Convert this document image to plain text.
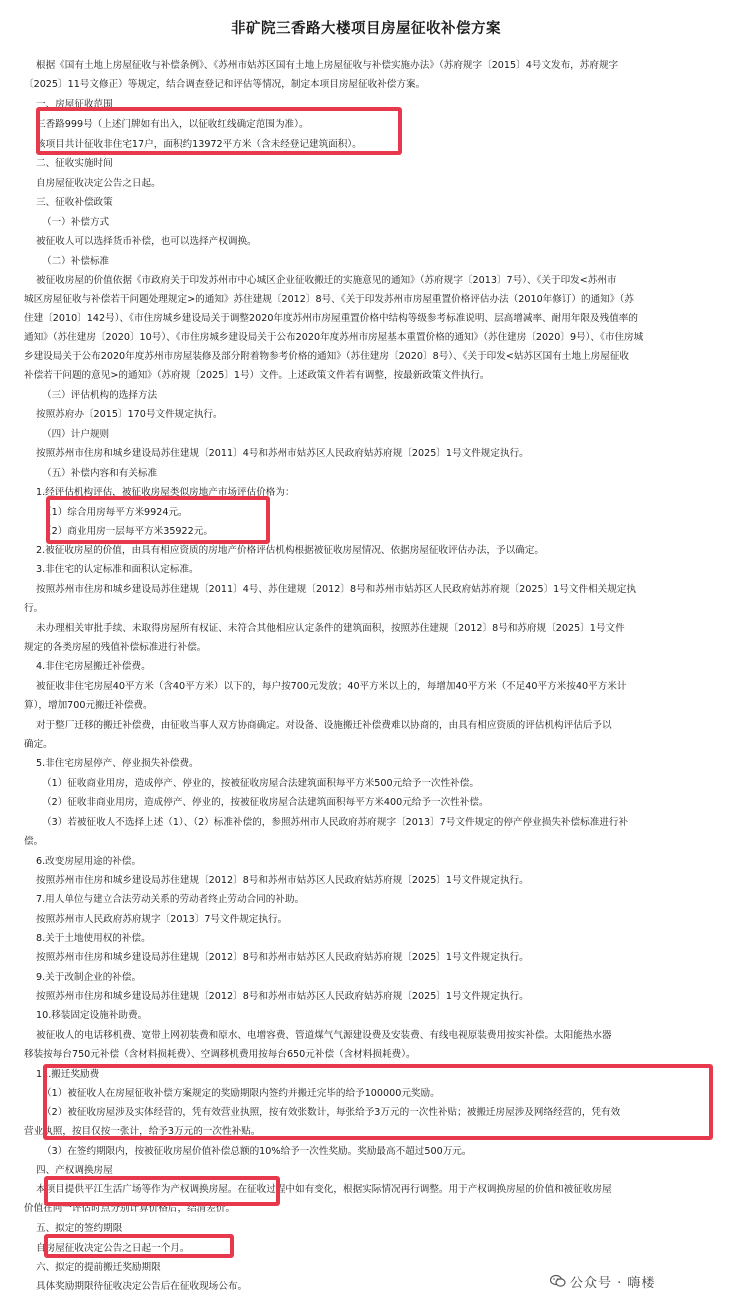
非矿院三香路大楼项目房屋征收补偿方案
根据《国有土地上房屋征收与补偿条例》、《苏州市姑苏区国有土地上房屋征收与补偿实施办法》（苏府规字〔2015〕4号文发布，苏府规字
〔2025〕11号文修正）等规定，结合调查登记和评估等情况，制定本项目房屋征收补偿方案。
一、房屋征收范围
三香路999号（上述门牌如有出入，以征收红线确定范围为准）。
该项目共计征收非住宅17户，面积约13972平方米（含未经登记建筑面积）。
二、征收实施时间
自房屋征收决定公告之日起。
三、征收补偿政策
（一）补偿方式
被征收人可以选择货币补偿，也可以选择产权调换。
（二）补偿标准
被征收房屋的价值依据《市政府关于印发苏州市中心城区企业征收搬迁的实施意见的通知》（苏府规字〔2013〕7号）、《关于印发<苏州市
城区房屋征收与补偿若干问题处理规定>的通知》苏住建规〔2012〕8号、《关于印发苏州市房屋重置价格评估办法（2010年修订）的通知》（苏
住建〔2010〕142号）、《市住房城乡建设局关于调整2020年度苏州市房屋重置价格中结构等级参考标准说明、层高增减率、耐用年限及残值率的
通知》（苏住建房〔2020〕10号）、《市住房城乡建设局关于公布2020年度苏州市房屋基本重置价格的通知》（苏住建房〔2020〕9号）、《市住房城
乡建设局关于公布2020年度苏州市房屋装修及部分附着物参考价格的通知》（苏住建房〔2020〕8号）、《关于印发<姑苏区国有土地上房屋征收
补偿若干问题的意见>的通知》（苏府规〔2025〕1号）文件。上述政策文件若有调整，按最新政策文件执行。
（三）评估机构的选择方法
按照苏府办〔2015〕170号文件规定执行。
（四）计户规则
按照苏州市住房和城乡建设局苏住建规〔2011〕4号和苏州市姑苏区人民政府姑苏府规〔2025〕1号文件规定执行。
（五）补偿内容和有关标准
1.经评估机构评估，被征收房屋类似房地产市场评估价格为：
（1）综合用房每平方米9924元。
（2）商业用房一层每平方米35922元。
2.被征收房屋的价值，由具有相应资质的房地产价格评估机构根据被征收房屋情况、依据房屋征收评估办法，予以确定。
3.非住宅的认定标准和面积认定标准。
按照苏州市住房和城乡建设局苏住建规〔2011〕4号、苏住建规〔2012〕8号和苏州市姑苏区人民政府姑苏府规〔2025〕1号文件相关规定执
行。
未办理相关审批手续、未取得房屋所有权证、未符合其他相应认定条件的建筑面积，按照苏住建规〔2012〕8号和苏府规〔2025〕1号文件
规定的各类房屋的残值补偿标准进行补偿。
4.非住宅房屋搬迁补偿费。
被征收非住宅房屋40平方米（含40平方米）以下的，每户按700元发放；40平方米以上的，每增加40平方米（不足40平方米按40平方米计
算），增加700元搬迁补偿费。
对于整厂迁移的搬迁补偿费，由征收当事人双方协商确定。对设备、设施搬迁补偿费难以协商的，由具有相应资质的评估机构评估后予以
确定。
5.非住宅房屋停产、停业损失补偿费。
（1）征收商业用房，造成停产、停业的，按被征收房屋合法建筑面积每平方米500元给予一次性补偿。
（2）征收非商业用房，造成停产、停业的，按被征收房屋合法建筑面积每平方米400元给予一次性补偿。
（3）若被征收人不选择上述（1）、（2）标准补偿的，参照苏州市人民政府苏府规字〔2013〕7号文件规定的停产停业损失补偿标准进行补
偿。
6.改变房屋用途的补偿。
按照苏州市住房和城乡建设局苏住建规〔2012〕8号和苏州市姑苏区人民政府姑苏府规〔2025〕1号文件规定执行。
7.用人单位与建立合法劳动关系的劳动者终止劳动合同的补助。
按照苏州市人民政府苏府规字〔2013〕7号文件规定执行。
8.关于土地使用权的补偿。
按照苏州市住房和城乡建设局苏住建规〔2012〕8号和苏州市姑苏区人民政府姑苏府规〔2025〕1号文件规定执行。
9.关于改制企业的补偿。
按照苏州市住房和城乡建设局苏住建规〔2012〕8号和苏州市姑苏区人民政府姑苏府规〔2025〕1号文件规定执行。
10.移装固定设施补助费。
被征收人的电话移机费、宽带上网初装费和原水、电增容费、管道煤气气源建设费及安装费、有线电视原装费用按实补偿。太阳能热水器
移装按每台750元补偿（含材料损耗费）、空调移机费用按每台650元补偿（含材料损耗费）。
11.搬迁奖励费
（1）被征收人在房屋征收补偿方案规定的奖励期限内签约并搬迁完毕的给予100000元奖励。
（2）被征收房屋涉及实体经营的，凭有效营业执照，按有效张数计，每张给予3万元的一次性补贴；被搬迁房屋涉及网络经营的，凭有效
营业执照，按目仅按一张计，给予3万元的一次性补贴。
（3）在签约期限内，按被征收房屋价值补偿总额的10%给予一次性奖励。奖励最高不超过500万元。
四、产权调换房屋
本项目提供平江生活广场等作为产权调换房屋。在征收过程中如有变化，根据实际情况再行调整。用于产权调换房屋的价值和被征收房屋
价值在同一评估时点分别计算价格后，结清差价。
五、拟定的签约期限
自房屋征收决定公告之日起一个月。
六、拟定的提前搬迁奖励期限
具体奖励期限待征收决定公告后在征收现场公布。	公众号 · 嗨楼
